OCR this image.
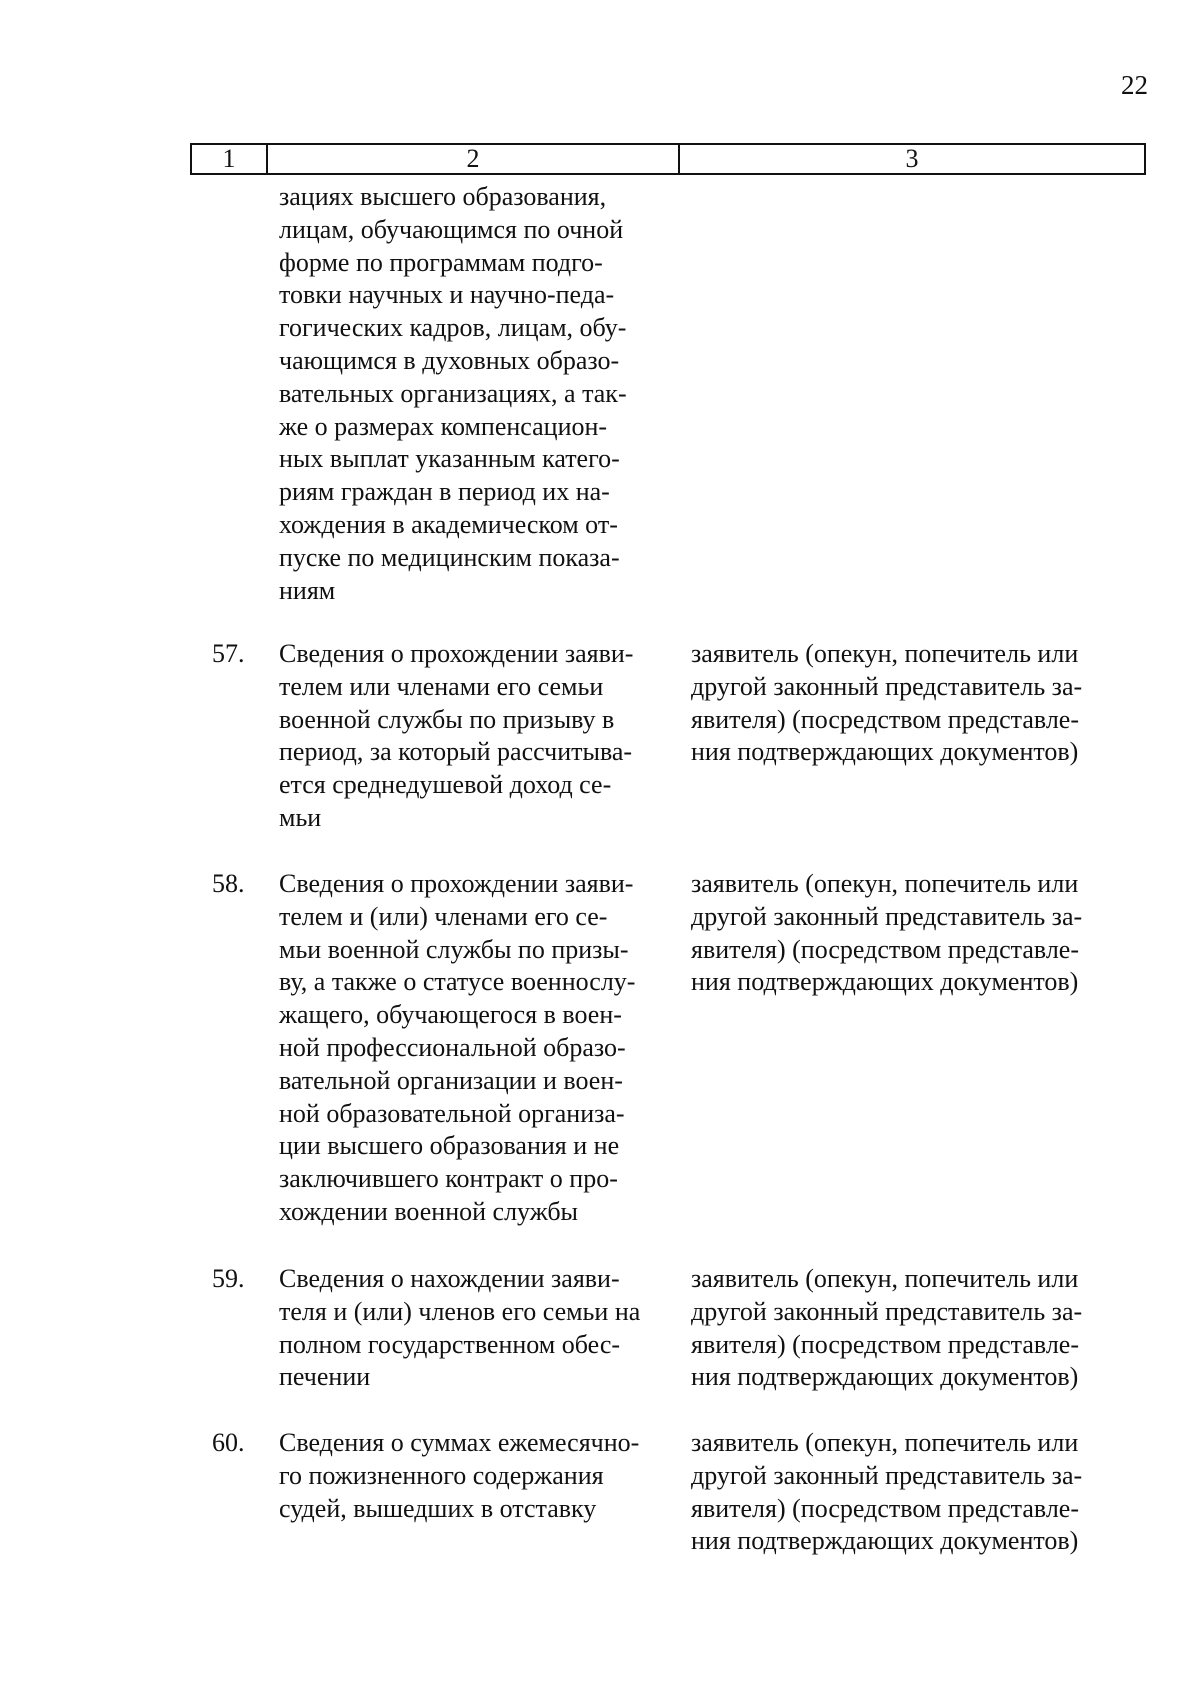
22
1	2	3

зациях высшего образования,
лицам, обучающимся по очной
форме по программам подго-
товки научных и научно-педа-
гогических кадров, лицам, обу-
чающимся в духовных образо-
вательных организациях, а так-
же о размерах компенсацион-
ных выплат указанным катего-
риям граждан в период их на-
хождения в академическом от-
пуске по медицинским показа-
ниям

57. Сведения о прохождении заяви-
телем или членами его семьи
военной службы по призыву в
период, за который рассчитыва-
ется среднедушевой доход се-
мьи

заявитель (опекун, попечитель или
другой законный представитель за-
явителя) (посредством представле-
ния подтверждающих документов)

58. Сведения о прохождении заяви-
телем и (или) членами его се-
мьи военной службы по призы-
ву, а также о статусе военнослу-
жащего, обучающегося в воен-
ной профессиональной образо-
вательной организации и воен-
ной образовательной организа-
ции высшего образования и не
заключившего контракт о про-
хождении военной службы

заявитель (опекун, попечитель или
другой законный представитель за-
явителя) (посредством представле-
ния подтверждающих документов)

59. Сведения о нахождении заяви-
теля и (или) членов его семьи на
полном государственном обес-
печении

заявитель (опекун, попечитель или
другой законный представитель за-
явителя) (посредством представле-
ния подтверждающих документов)

60. Сведения о суммах ежемесячно-
го пожизненного содержания
судей, вышедших в отставку

заявитель (опекун, попечитель или
другой законный представитель за-
явителя) (посредством представле-
ния подтверждающих документов)
